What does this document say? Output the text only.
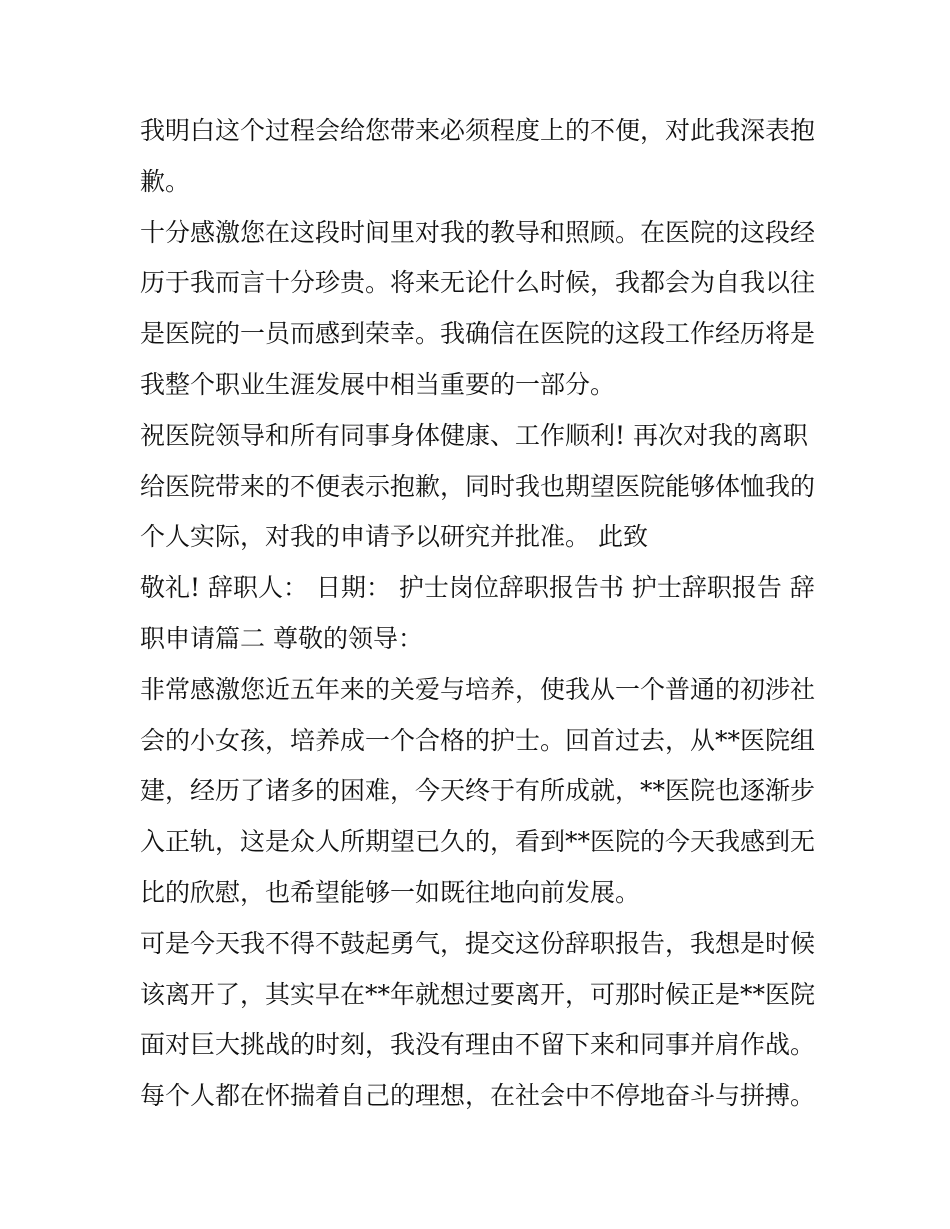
我明白这个过程会给您带来必须程度上的不便，对此我深表抱
歉。
十分感激您在这段时间里对我的教导和照顾。在医院的这段经
历于我而言十分珍贵。将来无论什么时候，我都会为自我以往
是医院的一员而感到荣幸。我确信在医院的这段工作经历将是
我整个职业生涯发展中相当重要的一部分。
祝医院领导和所有同事身体健康、工作顺利! 再次对我的离职
给医院带来的不便表示抱歉，同时我也期望医院能够体恤我的
个人实际，对我的申请予以研究并批准。 此致
敬礼! 辞职人： 日期： 护士岗位辞职报告书 护士辞职报告 辞
职申请篇二 尊敬的领导：
非常感激您近五年来的关爱与培养，使我从一个普通的初涉社
会的小女孩，培养成一个合格的护士。回首过去，从**医院组
建，经历了诸多的困难，今天终于有所成就，**医院也逐渐步
入正轨，这是众人所期望已久的，看到**医院的今天我感到无
比的欣慰，也希望能够一如既往地向前发展。
可是今天我不得不鼓起勇气，提交这份辞职报告，我想是时候
该离开了，其实早在**年就想过要离开，可那时候正是**医院
面对巨大挑战的时刻，我没有理由不留下来和同事并肩作战。
每个人都在怀揣着自己的理想，在社会中不停地奋斗与拼搏。
